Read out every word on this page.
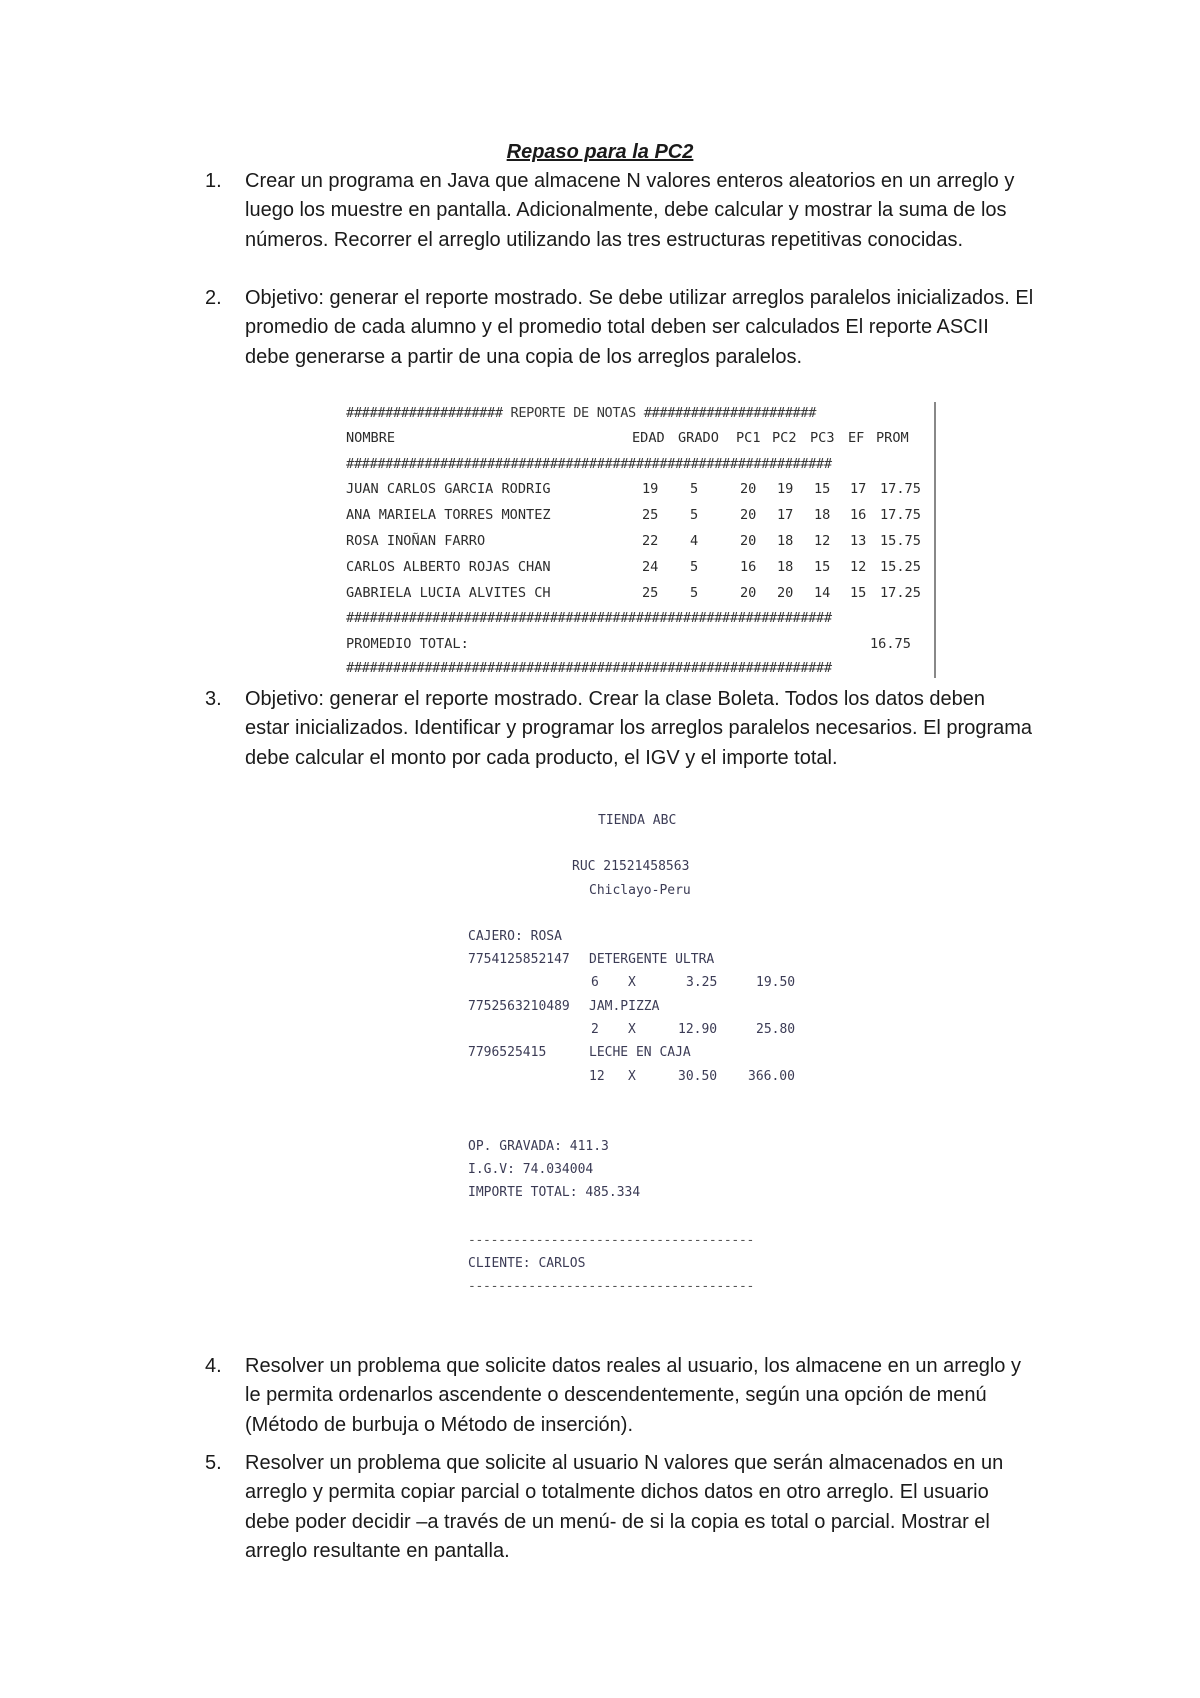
Repaso para la PC2
1. Crear un programa en Java que almacene N valores enteros aleatorios en un arreglo y luego los muestre en pantalla. Adicionalmente, debe calcular y mostrar la suma de los números. Recorrer el arreglo utilizando las tres estructuras repetitivas conocidas.
2. Objetivo: generar el reporte mostrado. Se debe utilizar arreglos paralelos inicializados. El promedio de cada alumno y el promedio total deben ser calculados El reporte ASCII debe generarse a partir de una copia de los arreglos paralelos.
#################### REPORTE DE NOTAS ######################
NOMBRE	EDAD GRADO PC1 PC2 PC3 EF PROM
##############################################################
JUAN CARLOS GARCIA RODRIG	19 5	20 19 15 17 17.75
ANA MARIELA TORRES MONTEZ	25 5	20 17 18 16 17.75
ROSA INOÑAN FARRO	22 4	20 18 12 13 15.75
CARLOS ALBERTO ROJAS CHAN	24 5	16 18 15 12 15.25
GABRIELA LUCIA ALVITES CH	25 5	20 20 14 15 17.25
##############################################################
PROMEDIO TOTAL:	16.75
##############################################################
3. Objetivo: generar el reporte mostrado. Crear la clase Boleta. Todos los datos deben estar inicializados. Identificar y programar los arreglos paralelos necesarios. El programa debe calcular el monto por cada producto, el IGV y el importe total.
TIENDA ABC
RUC 21521458563
Chiclayo-Peru
CAJERO: ROSA
7754125852147 DETERGENTE ULTRA
6 X	3.25	19.50
7752563210489 JAM.PIZZA
2 X	12.90	25.80
7796525415	LECHE EN CAJA
12 X	30.50 366.00
OP. GRAVADA: 411.3
I.G.V: 74.034004
IMPORTE TOTAL: 485.334
--------------------------------------
CLIENTE: CARLOS
--------------------------------------
4. Resolver un problema que solicite datos reales al usuario, los almacene en un arreglo y le permita ordenarlos ascendente o descendentemente, según una opción de menú (Método de burbuja o Método de inserción).
5. Resolver un problema que solicite al usuario N valores que serán almacenados en un arreglo y permita copiar parcial o totalmente dichos datos en otro arreglo. El usuario debe poder decidir –a través de un menú- de si la copia es total o parcial. Mostrar el arreglo resultante en pantalla.
